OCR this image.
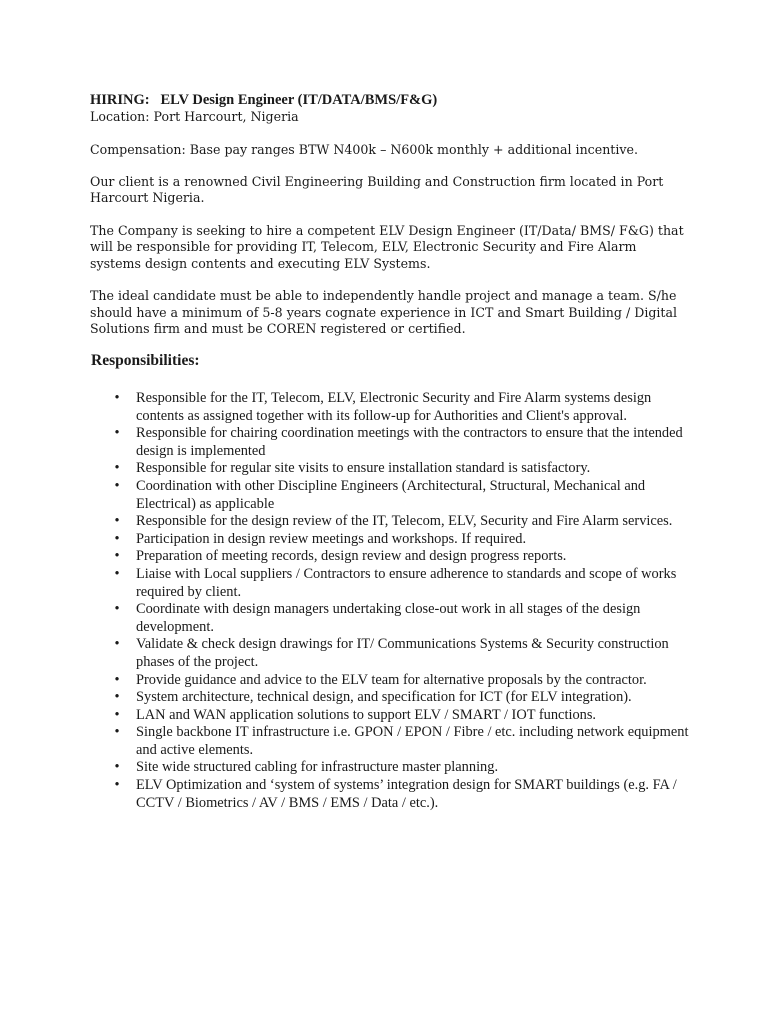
HIRING: ELV Design Engineer (IT/DATA/BMS/F&G)

Location: Port Harcourt, Nigeria

Compensation: Base pay ranges BTW N400k – N600k monthly + additional incentive.

Our client is a renowned Civil Engineering Building and Construction firm located in Port Harcourt Nigeria.

The Company is seeking to hire a competent ELV Design Engineer (IT/Data/ BMS/ F&G) that will be responsible for providing IT, Telecom, ELV, Electronic Security and Fire Alarm systems design contents and executing ELV Systems.

The ideal candidate must be able to independently handle project and manage a team. S/he should have a minimum of 5-8 years cognate experience in ICT and Smart Building / Digital Solutions firm and must be COREN registered or certified.

Responsibilities:
• Responsible for the IT, Telecom, ELV, Electronic Security and Fire Alarm systems design contents as assigned together with its follow-up for Authorities and Client's approval.
• Responsible for chairing coordination meetings with the contractors to ensure that the intended design is implemented
• Responsible for regular site visits to ensure installation standard is satisfactory.
• Coordination with other Discipline Engineers (Architectural, Structural, Mechanical and Electrical) as applicable
• Responsible for the design review of the IT, Telecom, ELV, Security and Fire Alarm services.
• Participation in design review meetings and workshops. If required.
• Preparation of meeting records, design review and design progress reports.
• Liaise with Local suppliers / Contractors to ensure adherence to standards and scope of works required by client.
• Coordinate with design managers undertaking close-out work in all stages of the design development.
• Validate & check design drawings for IT/ Communications Systems & Security construction phases of the project.
• Provide guidance and advice to the ELV team for alternative proposals by the contractor.
• System architecture, technical design, and specification for ICT (for ELV integration).
• LAN and WAN application solutions to support ELV / SMART / IOT functions.
• Single backbone IT infrastructure i.e. GPON / EPON / Fibre / etc. including network equipment and active elements.
• Site wide structured cabling for infrastructure master planning.
• ELV Optimization and ‘system of systems’ integration design for SMART buildings (e.g. FA / CCTV / Biometrics / AV / BMS / EMS / Data / etc.).
